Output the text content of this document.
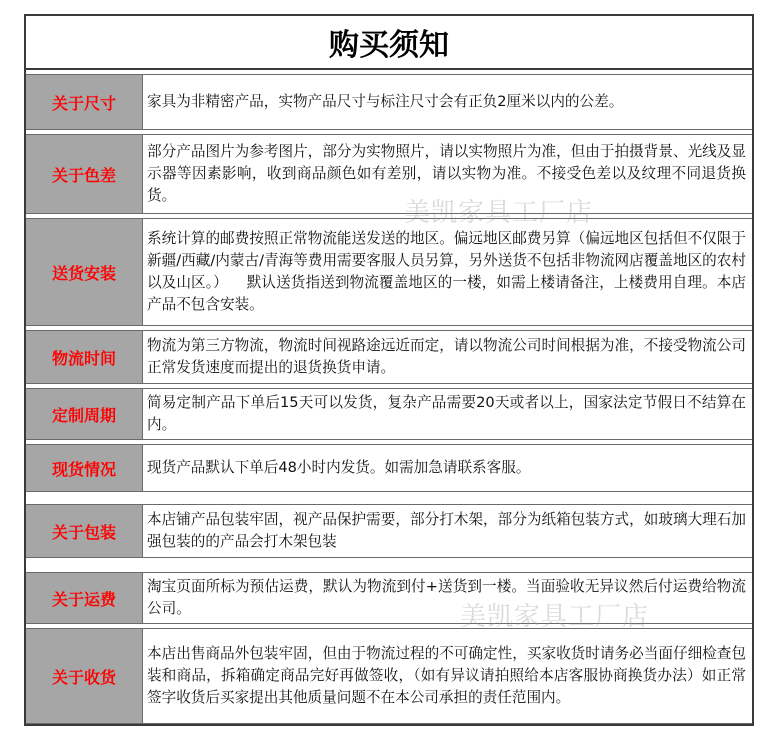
购买须知
关于尺寸	家具为非精密产品，实物产品尺寸与标注尺寸会有正负2厘米以内的公差。
关于色差
部分产品图片为参考图片，部分为实物照片，请以实物照片为准，但由于拍摄背景、光线及显示器等因素影响，收到商品颜色如有差别，请以实物为准。不接受色差以及纹理不同退货换货。
送货安装
系统计算的邮费按照正常物流能送发送的地区。偏远地区邮费另算（偏远地区包括但不仅限于新疆/西藏/内蒙古/青海等费用需要客服人员另算，另外送货不包括非物流网店覆盖地区的农村以及山区。）    默认送货指送到物流覆盖地区的一楼，如需上楼请备注，上楼费用自理。本店产品不包含安装。
物流时间
物流为第三方物流，物流时间视路途远近而定，请以物流公司时间根据为准，不接受物流公司正常发货速度而提出的退货换货申请。
定制周期
简易定制产品下单后15天可以发货，复杂产品需要20天或者以上，国家法定节假日不结算在内。
现货情况	现货产品默认下单后48小时内发货。如需加急请联系客服。
关于包装
本店铺产品包装牢固，视产品保护需要，部分打木架，部分为纸箱包装方式，如玻璃大理石加强包装的的产品会打木架包装
关于运费
淘宝页面所标为预估运费，默认为物流到付+送货到一楼。当面验收无异议然后付运费给物流公司。
关于收货
本店出售商品外包装牢固，但由于物流过程的不可确定性，买家收货时请务必当面仔细检查包装和商品，拆箱确定商品完好再做签收，（如有异议请拍照给本店客服协商换货办法）如正常签字收货后买家提出其他质量问题不在本公司承担的责任范围内。
美凯家具工厂店
美凯家具工厂店
